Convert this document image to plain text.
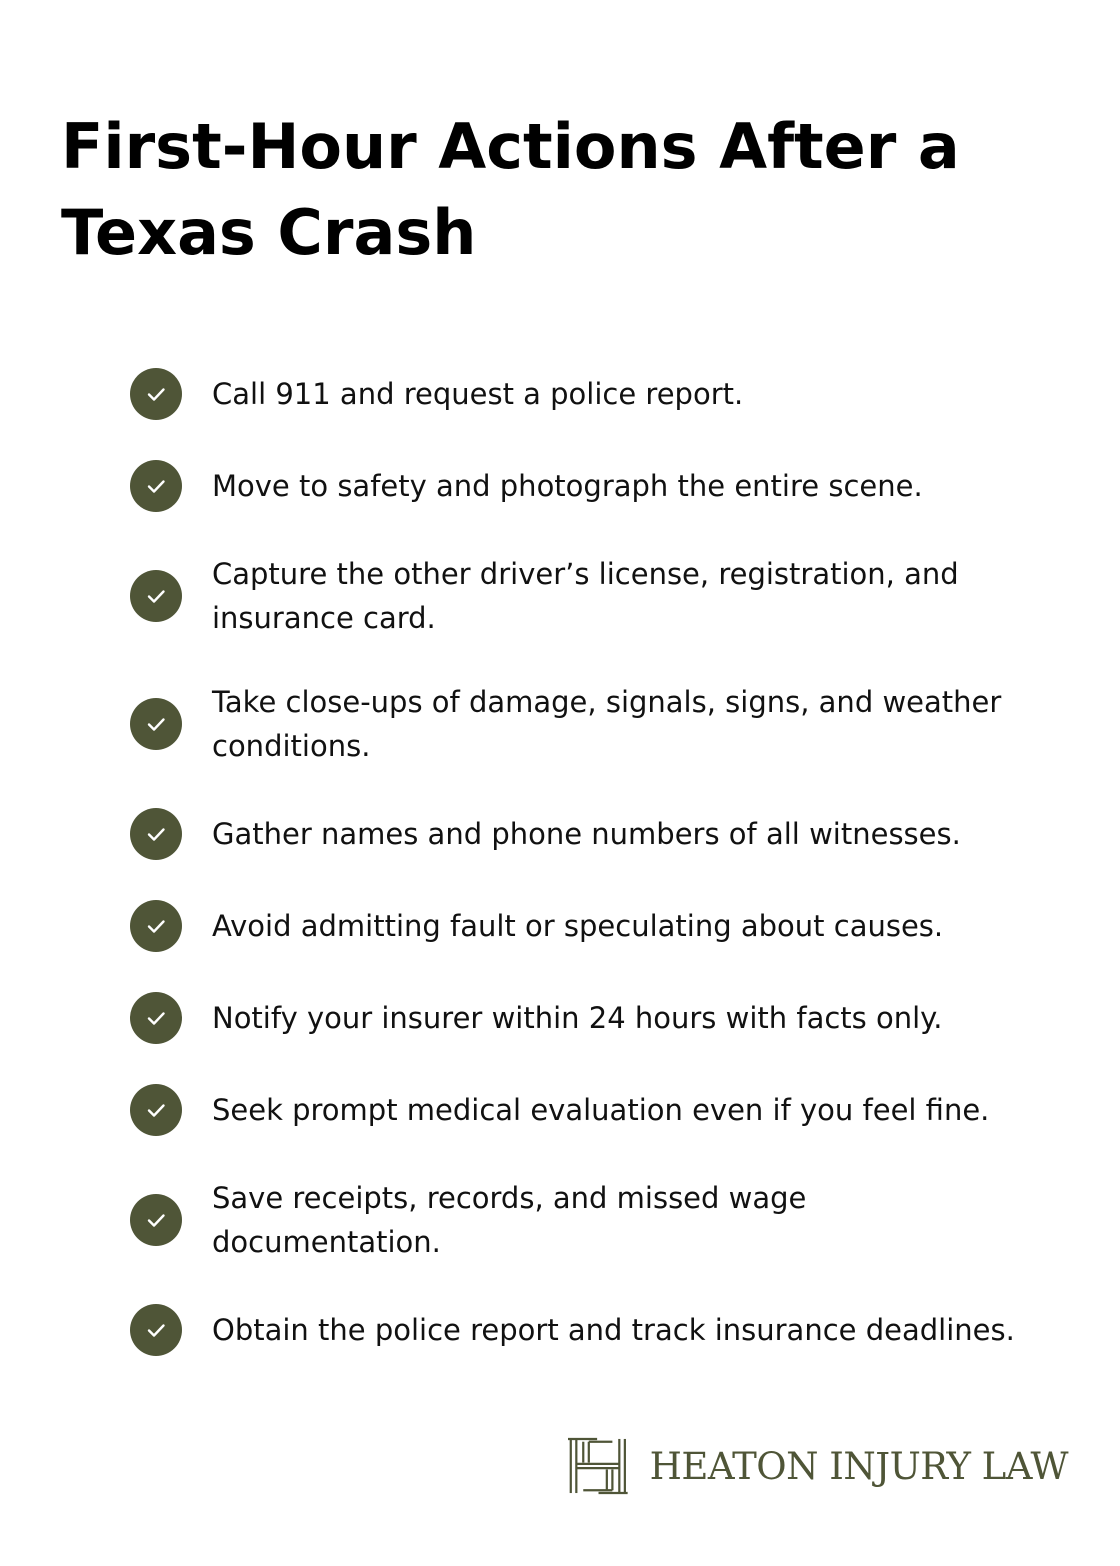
First-Hour Actions After a Texas Crash
Call 911 and request a police report.
Move to safety and photograph the entire scene.
Capture the other driver’s license, registration, and insurance card.
Take close-ups of damage, signals, signs, and weather conditions.
Gather names and phone numbers of all witnesses.
Avoid admitting fault or speculating about causes.
Notify your insurer within 24 hours with facts only.
Seek prompt medical evaluation even if you feel fine.
Save receipts, records, and missed wage documentation.
Obtain the police report and track insurance deadlines.
HEATON INJURY LAW
